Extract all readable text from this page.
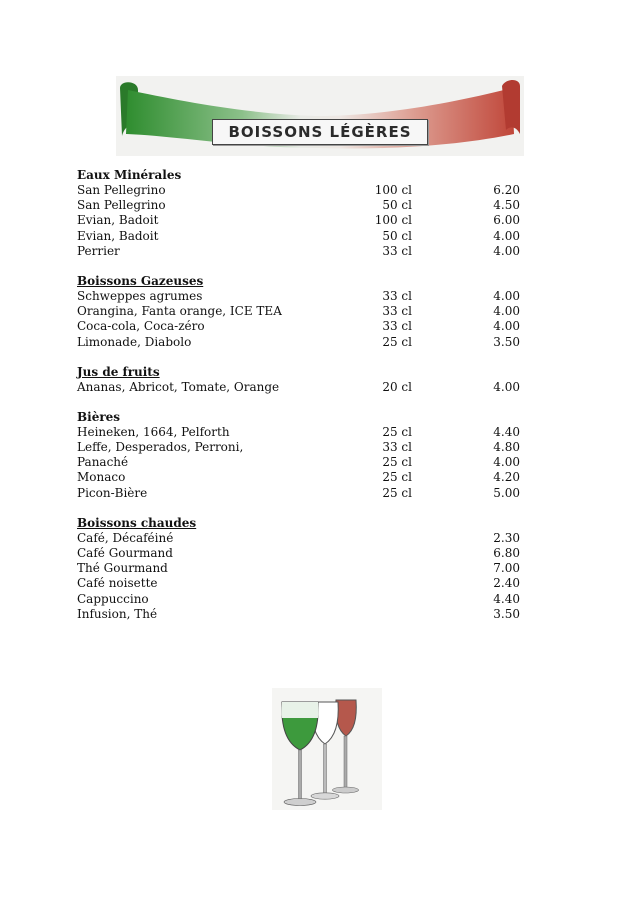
BOISSONS LÉGÈRES
Eaux Minérales
San Pellegrino	100 cl	6.20
San Pellegrino	50 cl	4.50
Evian, Badoit	100 cl	6.00
Evian, Badoit	50 cl	4.00
Perrier	33 cl	4.00
Boissons Gazeuses
Schweppes agrumes	33 cl	4.00
Orangina, Fanta orange, ICE TEA	33 cl	4.00
Coca-cola, Coca-zéro	33 cl	4.00
Limonade, Diabolo	25 cl	3.50
Jus de fruits
Ananas, Abricot, Tomate, Orange	20 cl	4.00
Bières
Heineken, 1664, Pelforth	25 cl	4.40
Leffe, Desperados, Perroni,	33 cl	4.80
Panaché	25 cl	4.00
Monaco	25 cl	4.20
Picon-Bière	25 cl	5.00
Boissons chaudes
Café, Décaféiné	2.30
Café Gourmand	6.80
Thé Gourmand	7.00
Café noisette	2.40
Cappuccino	4.40
Infusion, Thé	3.50
